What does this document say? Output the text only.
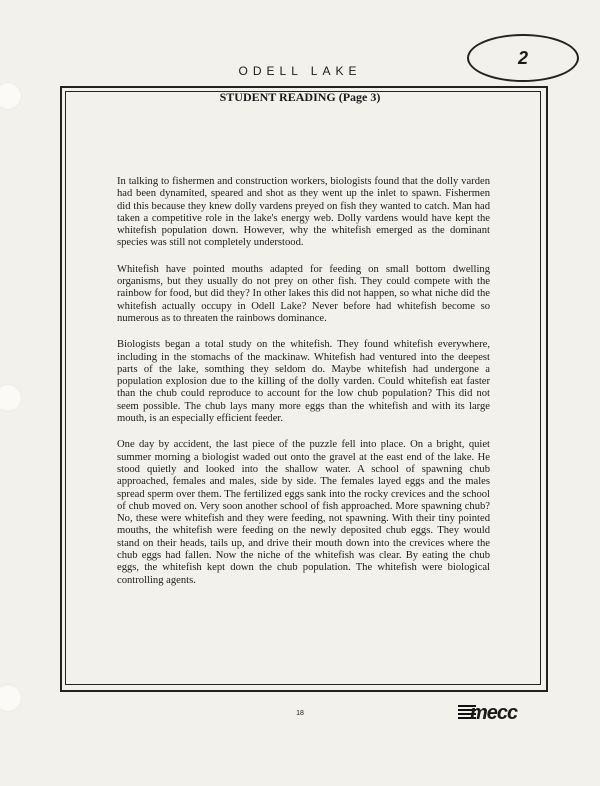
2
ODELL LAKE
STUDENT READING (Page 3)

In talking to fishermen and construction workers, biologists found that the dolly varden had been dynamited, speared and shot as they went up the inlet to spawn. Fishermen did this because they knew dolly vardens preyed on fish they wanted to catch. Man had taken a competitive role in the lake's energy web. Dolly vardens would have kept the whitefish population down. However, why the whitefish emerged as the dominant species was still not completely understood.

Whitefish have pointed mouths adapted for feeding on small bottom dwelling organisms, but they usually do not prey on other fish. They could compete with the rainbow for food, but did they? In other lakes this did not happen, so what niche did the whitefish actually occupy in Odell Lake? Never before had whitefish become so numerous as to threaten the rainbows dominance.

Biologists began a total study on the whitefish. They found whitefish everywhere, including in the stomachs of the mackinaw. Whitefish had ventured into the deepest parts of the lake, somthing they seldom do. Maybe whitefish had undergone a population explosion due to the killing of the dolly varden. Could whitefish eat faster than the chub could reproduce to account for the low chub population? This did not seem possible. The chub lays many more eggs than the whitefish and with its large mouth, is an especially efficient feeder.

One day by accident, the last piece of the puzzle fell into place. On a bright, quiet summer morning a biologist waded out onto the gravel at the east end of the lake. He stood quietly and looked into the shallow water. A school of spawning chub approached, females and males, side by side. The females layed eggs and the males spread sperm over them. The fertilized eggs sank into the rocky crevices and the school of chub moved on. Very soon another school of fish approached. More spawning chub? No, these were whitefish and they were feeding, not spawning. With their tiny pointed mouths, the whitefish were feeding on the newly deposited chub eggs. They would stand on their heads, tails up, and drive their mouth down into the crevices where the chub eggs had fallen. Now the niche of the whitefish was clear. By eating the chub eggs, the whitefish kept down the chub population. The whitefish were biological controlling agents.

18	mecc
